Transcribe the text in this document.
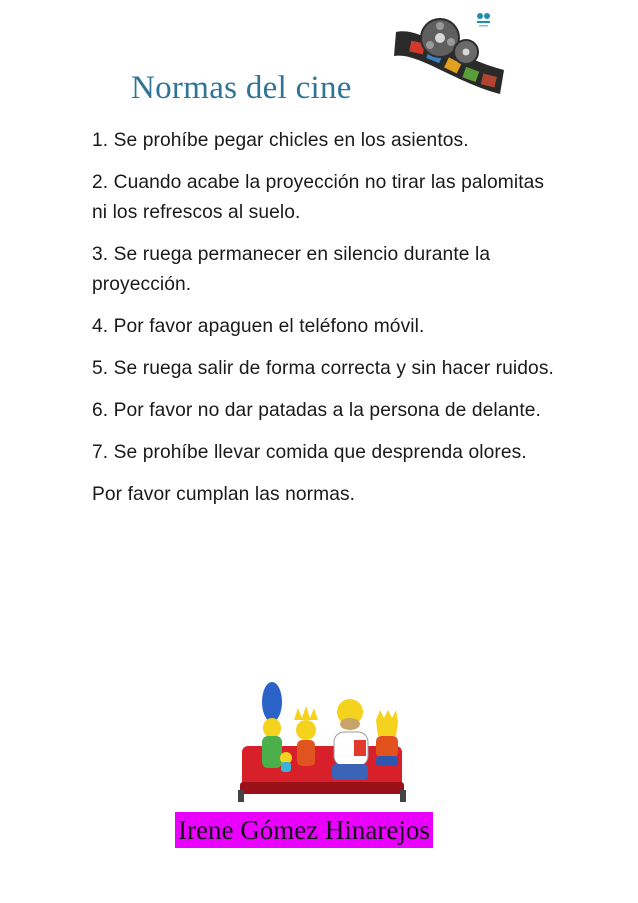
Normas del cine

1. Se prohíbe pegar chicles en los asientos.

2. Cuando acabe la proyección no tirar las palomitas ni los refrescos al suelo.

3. Se ruega permanecer en silencio durante la proyección.

4. Por favor apaguen el teléfono móvil.

5. Se ruega salir de forma correcta y sin hacer ruidos.

6. Por favor no dar patadas a la persona de delante.

7. Se prohíbe llevar comida que desprenda olores.

Por favor cumplan las normas.

Irene Gómez Hinarejos
